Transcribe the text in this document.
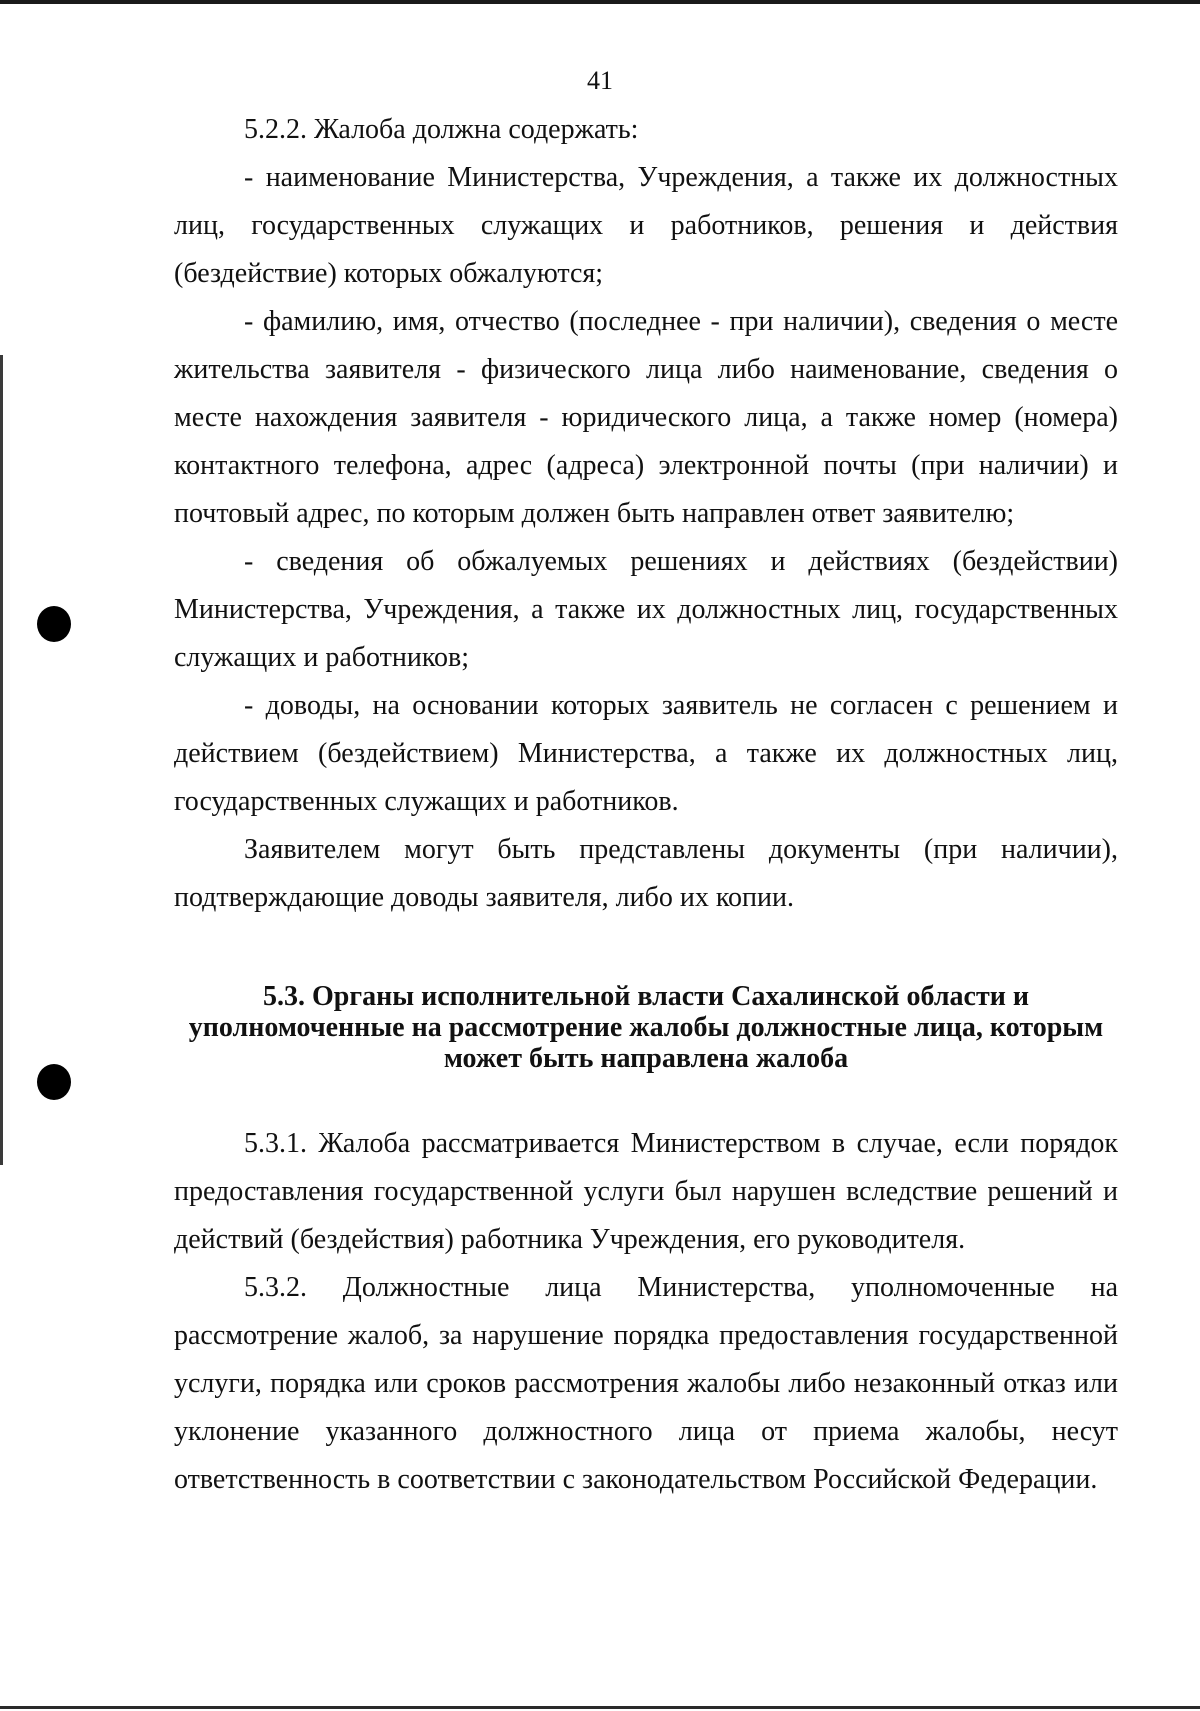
41

5.2.2. Жалоба должна содержать:

- наименование Министерства, Учреждения, а также их должностных лиц, государственных служащих и работников, решения и действия (бездействие) которых обжалуются;

- фамилию, имя, отчество (последнее - при наличии), сведения о месте жительства заявителя - физического лица либо наименование, сведения о месте нахождения заявителя - юридического лица, а также номер (номера) контактного телефона, адрес (адреса) электронной почты (при наличии) и почтовый адрес, по которым должен быть направлен ответ заявителю;

- сведения об обжалуемых решениях и действиях (бездействии) Министерства, Учреждения, а также их должностных лиц, государственных служащих и работников;

- доводы, на основании которых заявитель не согласен с решением и действием (бездействием) Министерства, а также их должностных лиц, государственных служащих и работников.

Заявителем могут быть представлены документы (при наличии), подтверждающие доводы заявителя, либо их копии.

5.3. Органы исполнительной власти Сахалинской области и
уполномоченные на рассмотрение жалобы должностные лица, которым
может быть направлена жалоба

5.3.1. Жалоба рассматривается Министерством в случае, если порядок предоставления государственной услуги был нарушен вследствие решений и действий (бездействия) работника Учреждения, его руководителя.

5.3.2. Должностные лица Министерства, уполномоченные на рассмотрение жалоб, за нарушение порядка предоставления государственной услуги, порядка или сроков рассмотрения жалобы либо незаконный отказ или уклонение указанного должностного лица от приема жалобы, несут ответственность в соответствии с законодательством Российской Федерации.
